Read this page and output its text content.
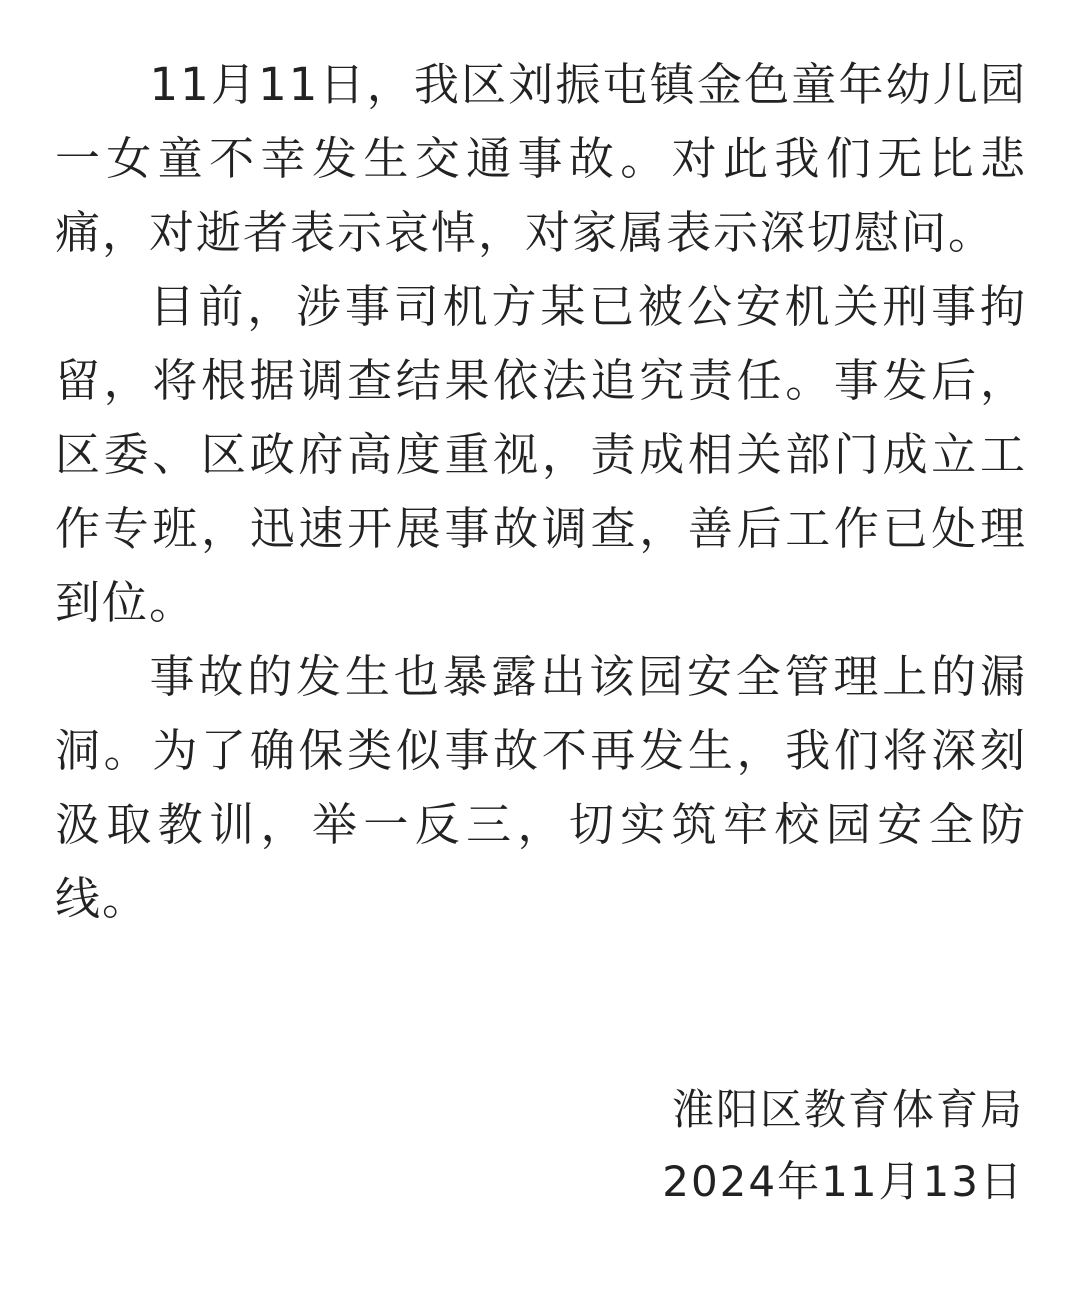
11月11日，我区刘振屯镇金色童年幼儿园一女童不幸发生交通事故。对此我们无比悲痛，对逝者表示哀悼，对家属表示深切慰问。

目前，涉事司机方某已被公安机关刑事拘留，将根据调查结果依法追究责任。事发后，区委、区政府高度重视，责成相关部门成立工作专班，迅速开展事故调查，善后工作已处理到位。

事故的发生也暴露出该园安全管理上的漏洞。为了确保类似事故不再发生，我们将深刻汲取教训，举一反三，切实筑牢校园安全防线。

淮阳区教育体育局
2024年11月13日
